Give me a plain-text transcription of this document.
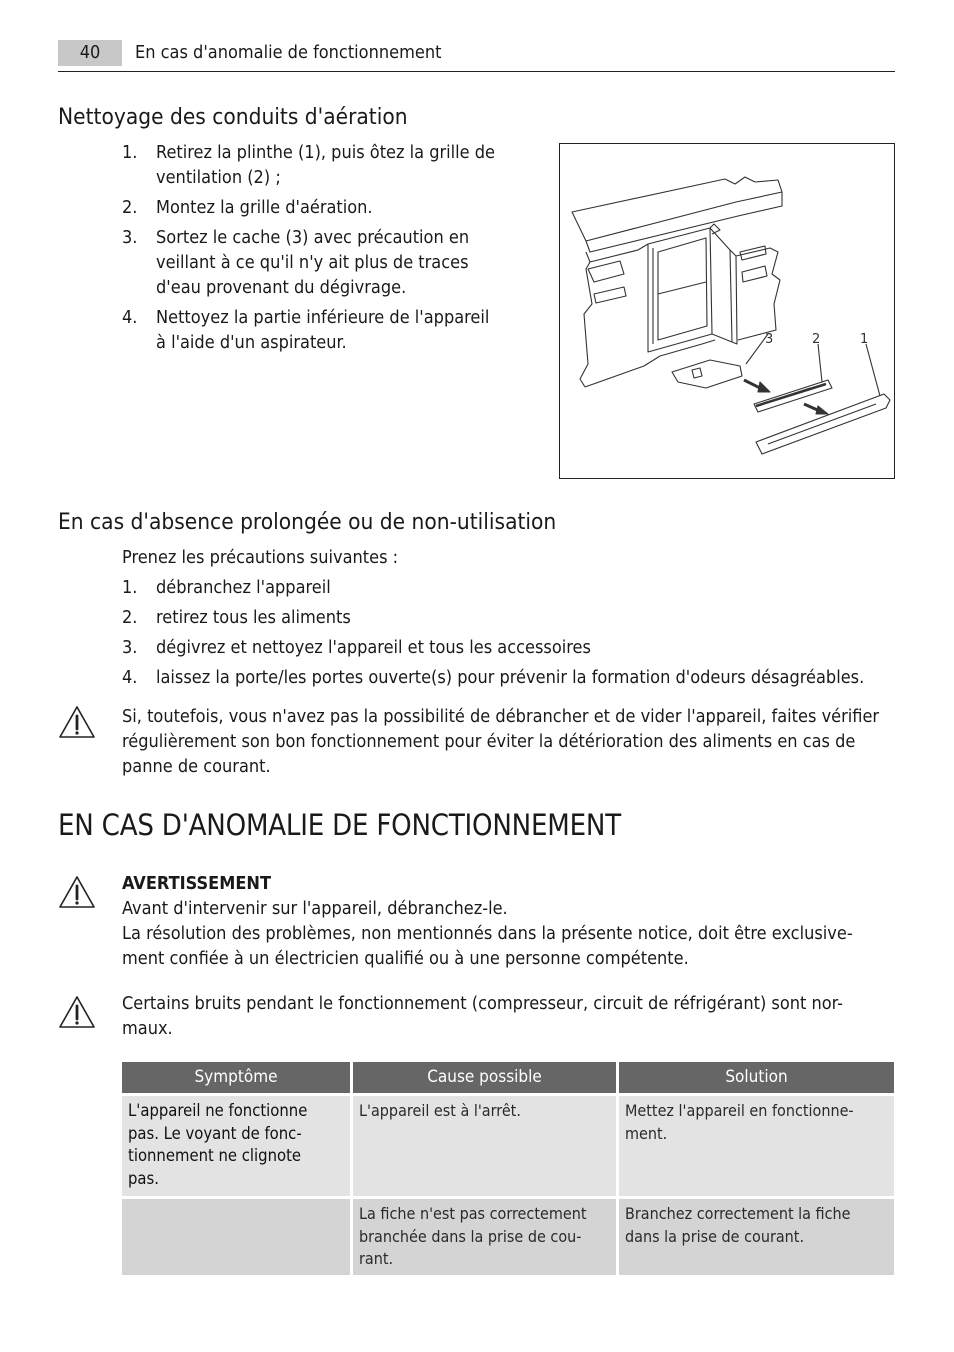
40	En cas d'anomalie de fonctionnement
Nettoyage des conduits d'aération
1. Retirez la plinthe (1), puis ôtez la grille de
ventilation (2) ;
2. Montez la grille d'aération.
3. Sortez le cache (3) avec précaution en
veillant à ce qu'il n'y ait plus de traces
d'eau provenant du dégivrage.
4. Nettoyez la partie inférieure de l'appareil
à l'aide d'un aspirateur.	3	2	1
En cas d'absence prolongée ou de non-utilisation

Prenez les précautions suivantes :

1. débranchez l'appareil
2. retirez tous les aliments
3. dégivrez et nettoyez l'appareil et tous les accessoires
4. laissez la porte/les portes ouverte(s) pour prévenir la formation d'odeurs désagréables.

Si, toutefois, vous n'avez pas la possibilité de débrancher et de vider l'appareil, faites vérifier
régulièrement son bon fonctionnement pour éviter la détérioration des aliments en cas de
panne de courant.

EN CAS D'ANOMALIE DE FONCTIONNEMENT

AVERTISSEMENT
Avant d'intervenir sur l'appareil, débranchez-le.
La résolution des problèmes, non mentionnés dans la présente notice, doit être exclusive-
ment confiée à un électricien qualifié ou à une personne compétente.

Certains bruits pendant le fonctionnement (compresseur, circuit de réfrigérant) sont nor-
maux.

Symptôme	Cause possible	Solution

L'appareil ne fonctionne
pas. Le voyant de fonc-
tionnement ne clignote
pas.	L'appareil est à l'arrêt.	Mettez l'appareil en fonctionne-
ment.

	La fiche n'est pas correctement
branchée dans la prise de cou-
rant.	Branchez correctement la fiche
dans la prise de courant.
